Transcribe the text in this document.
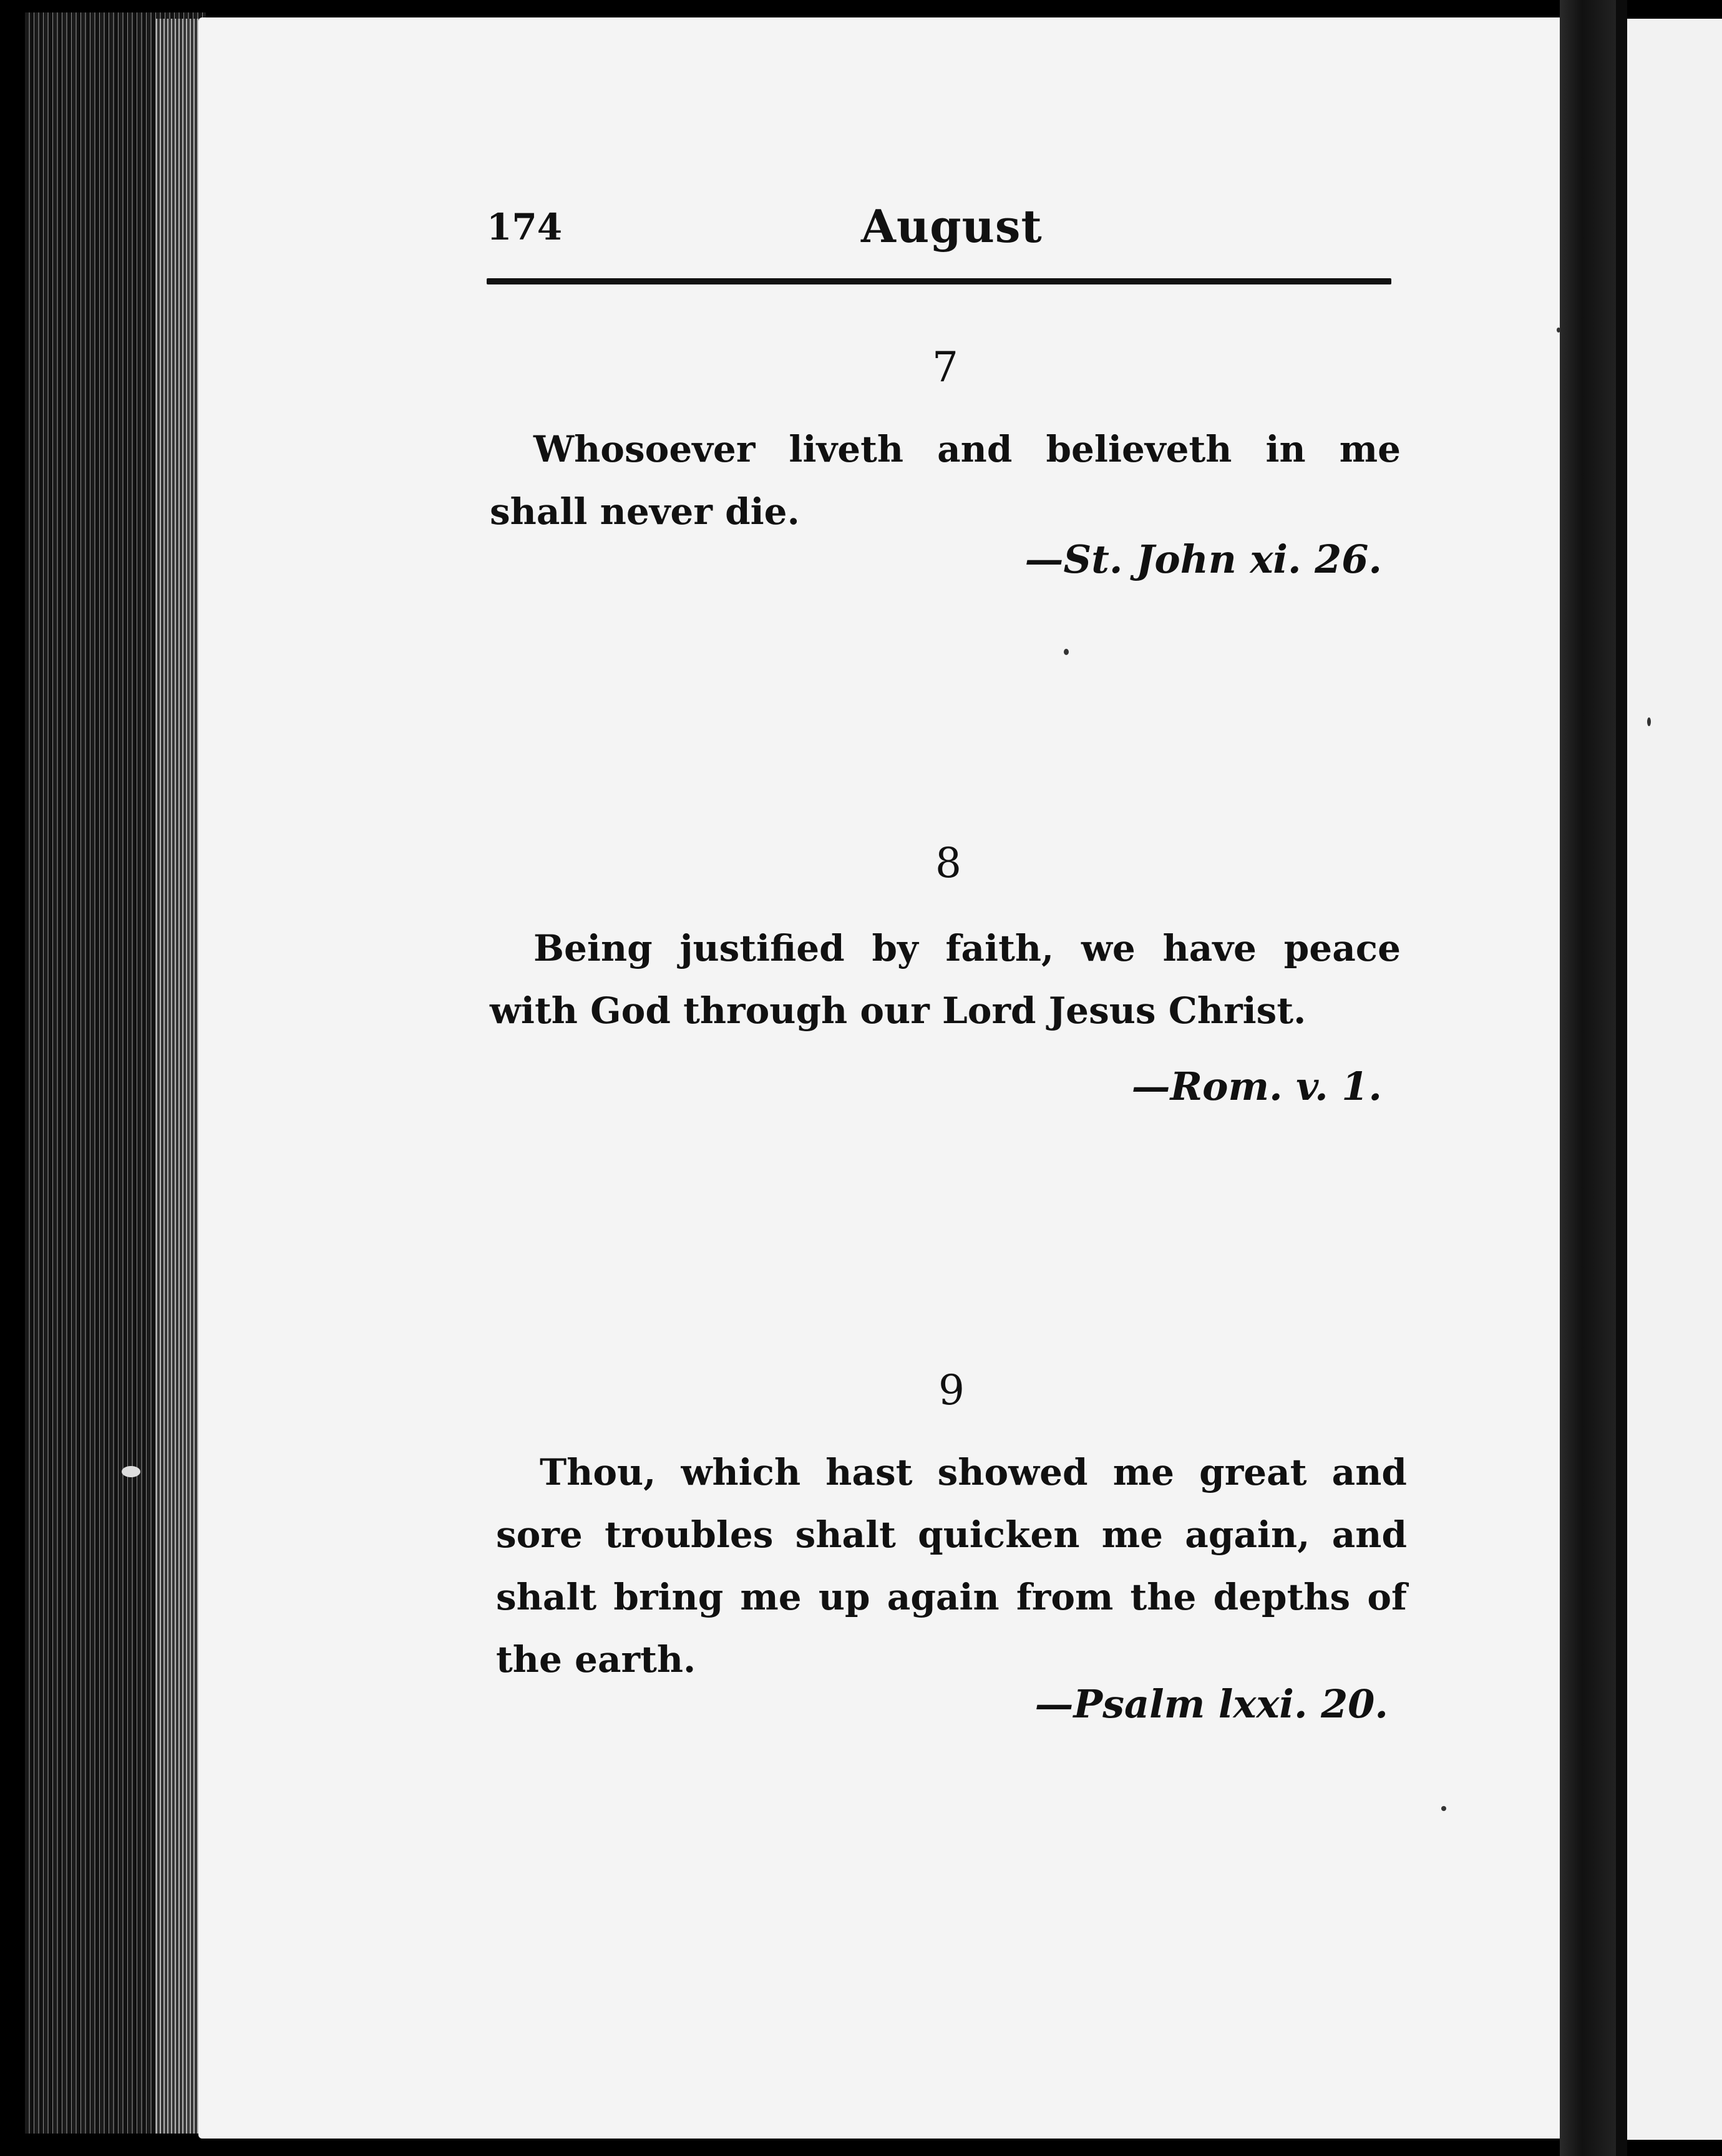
174	August
7
Whosoever liveth and believeth in me shall never die.
—St. John xi. 26.
8
Being justified by faith, we have peace with God through our Lord Jesus Christ.
—Rom. v. 1.
9
Thou, which hast showed me great and sore troubles shalt quicken me again, and shalt bring me up again from the depths of the earth.
—Psalm lxxi. 20.
